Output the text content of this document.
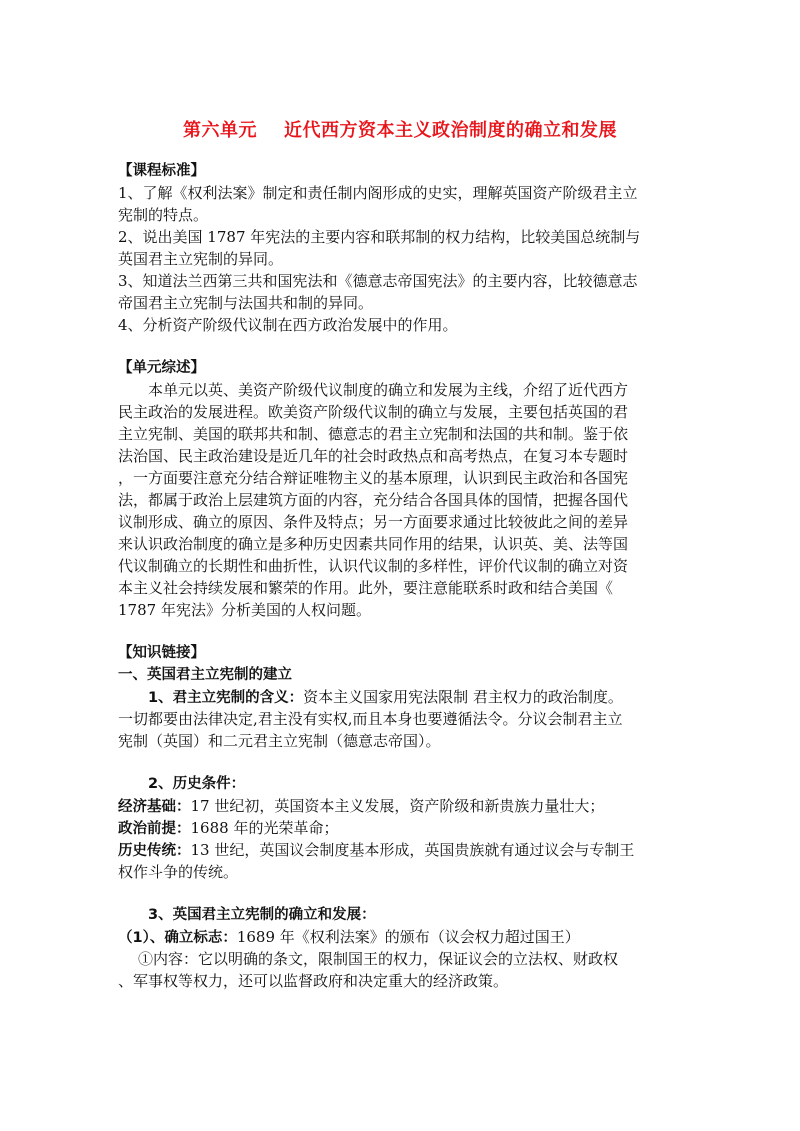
第六单元    近代西方资本主义政治制度的确立和发展
【课程标准】
1、了解《权利法案》制定和责任制内阁形成的史实，理解英国资产阶级君主立
宪制的特点。
2、说出美国 1787 年宪法的主要内容和联邦制的权力结构，比较美国总统制与
英国君主立宪制的异同。
3、知道法兰西第三共和国宪法和《德意志帝国宪法》的主要内容，比较德意志
帝国君主立宪制与法国共和制的异同。
4、分析资产阶级代议制在西方政治发展中的作用。
【单元综述】
本单元以英、美资产阶级代议制度的确立和发展为主线，介绍了近代西方
民主政治的发展进程。欧美资产阶级代议制的确立与发展，主要包括英国的君
主立宪制、美国的联邦共和制、德意志的君主立宪制和法国的共和制。鉴于依
法治国、民主政治建设是近几年的社会时政热点和高考热点，在复习本专题时
，一方面要注意充分结合辩证唯物主义的基本原理，认识到民主政治和各国宪
法，都属于政治上层建筑方面的内容，充分结合各国具体的国情，把握各国代
议制形成、确立的原因、条件及特点；另一方面要求通过比较彼此之间的差异
来认识政治制度的确立是多种历史因素共同作用的结果，认识英、美、法等国
代议制确立的长期性和曲折性，认识代议制的多样性，评价代议制的确立对资
本主义社会持续发展和繁荣的作用。此外，要注意能联系时政和结合美国《
1787 年宪法》分析美国的人权问题。
【知识链接】
一、英国君主立宪制的建立
1、君主立宪制的含义：资本主义国家用宪法限制 君主权力的政治制度。
一切都要由法律决定,君主没有实权,而且本身也要遵循法令。分议会制君主立
宪制（英国）和二元君主立宪制（德意志帝国）。
2、历史条件：
经济基础：17 世纪初，英国资本主义发展，资产阶级和新贵族力量壮大；
政治前提：1688 年的光荣革命；
历史传统：13 世纪，英国议会制度基本形成，英国贵族就有通过议会与专制王
权作斗争的传统。
3、英国君主立宪制的确立和发展：
（1）、确立标志：1689 年《权利法案》的颁布（议会权力超过国王）
①内容：它以明确的条文，限制国王的权力，保证议会的立法权、财政权
、军事权等权力，还可以监督政府和决定重大的经济政策。
